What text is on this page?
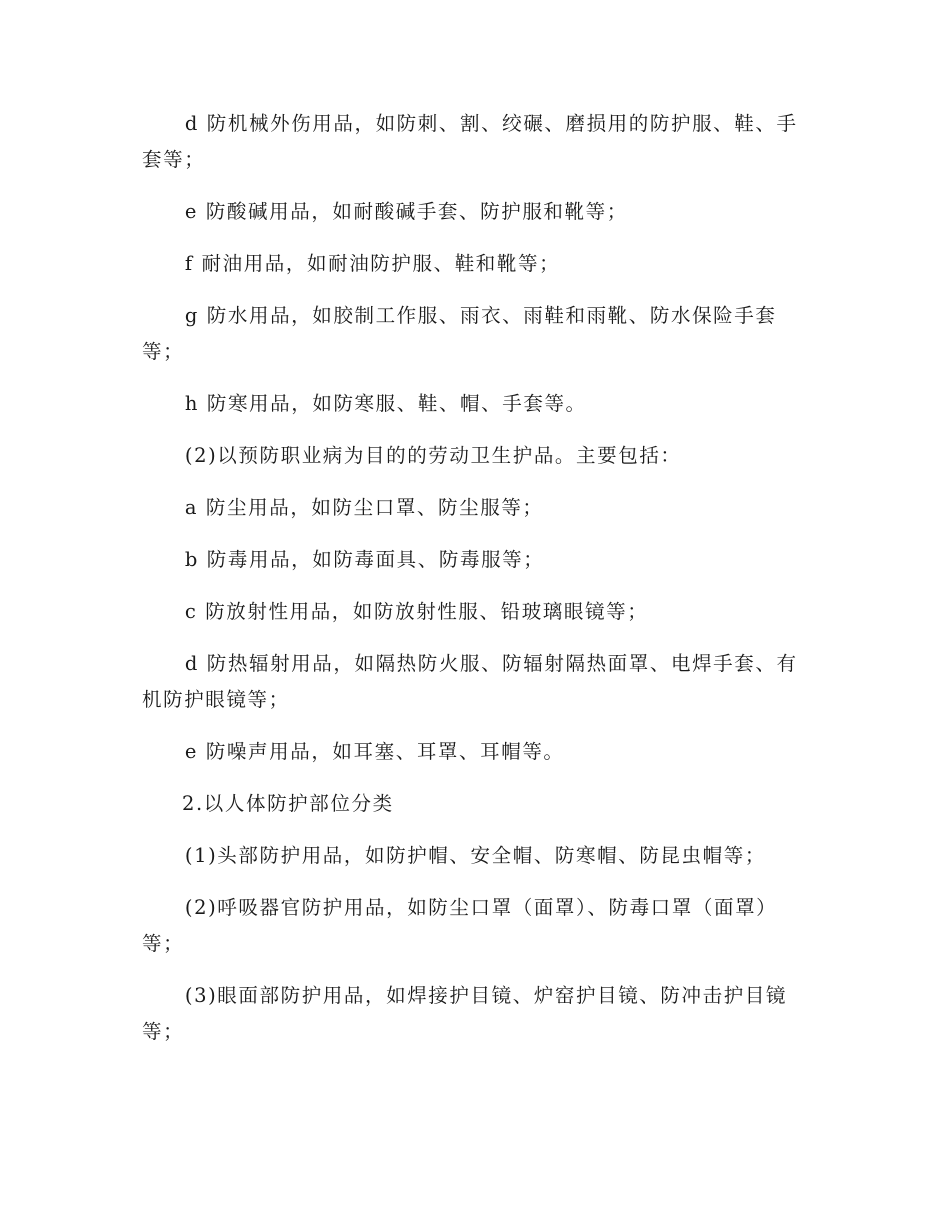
d 防机械外伤用品，如防刺、割、绞碾、磨损用的防护服、鞋、手套等；

e 防酸碱用品，如耐酸碱手套、防护服和靴等；

f 耐油用品，如耐油防护服、鞋和靴等；

g 防水用品，如胶制工作服、雨衣、雨鞋和雨靴、防水保险手套等；

h 防寒用品，如防寒服、鞋、帽、手套等。

(2)以预防职业病为目的的劳动卫生护品。主要包括：

a 防尘用品，如防尘口罩、防尘服等；

b 防毒用品，如防毒面具、防毒服等；

c 防放射性用品，如防放射性服、铅玻璃眼镜等；

d 防热辐射用品，如隔热防火服、防辐射隔热面罩、电焊手套、有机防护眼镜等；

e 防噪声用品，如耳塞、耳罩、耳帽等。

2.以人体防护部位分类

(1)头部防护用品，如防护帽、安全帽、防寒帽、防昆虫帽等；

(2)呼吸器官防护用品，如防尘口罩（面罩）、防毒口罩（面罩）等；

(3)眼面部防护用品，如焊接护目镜、炉窑护目镜、防冲击护目镜等；
